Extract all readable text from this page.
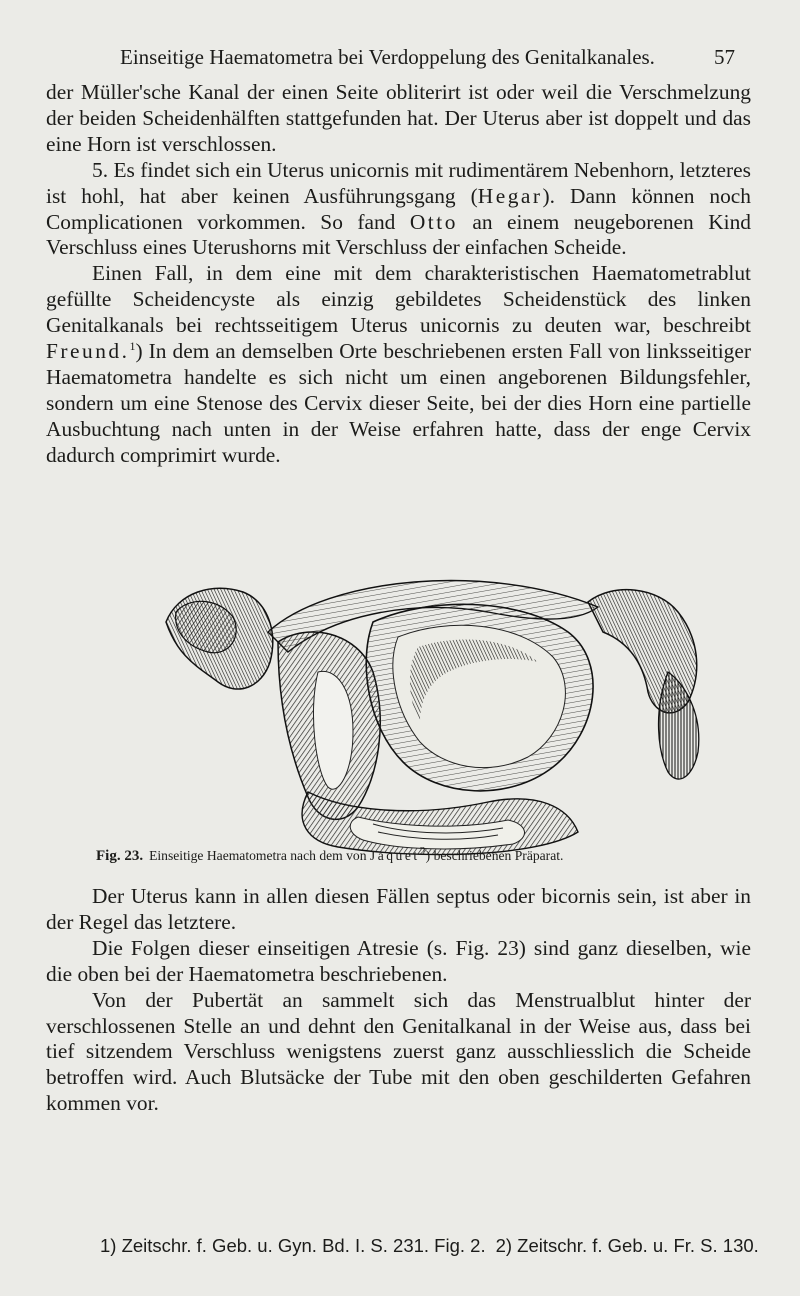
Einseitige Haematometra bei Verdoppelung des Genitalkanales.	57

der Müller'sche Kanal der einen Seite obliterirt ist oder weil die Verschmelzung der beiden Scheidenhälften stattgefunden hat. Der Uterus aber ist doppelt und das eine Horn ist verschlossen.

5. Es findet sich ein Uterus unicornis mit rudimentärem Nebenhorn, letzteres ist hohl, hat aber keinen Ausführungsgang (Hegar). Dann können noch Complicationen vorkommen. So fand Otto an einem neugeborenen Kind Verschluss eines Uterushorns mit Verschluss der einfachen Scheide.

Einen Fall, in dem eine mit dem charakteristischen Haematometrablut gefüllte Scheidencyste als einzig gebildetes Scheidenstück des linken Genitalkanals bei rechtsseitigem Uterus unicornis zu deuten war, beschreibt Freund.$^1$) In dem an demselben Orte beschriebenen ersten Fall von linksseitiger Haematometra handelte es sich nicht um einen angeborenen Bildungsfehler, sondern um eine Stenose des Cervix dieser Seite, bei der dies Horn eine partielle Ausbuchtung nach unten in der Weise erfahren hatte, dass der enge Cervix dadurch comprimirt wurde.

Fig. 23. Einseitige Haematometra nach dem von Jaquet$^2$) beschriebenen Präparat.

Der Uterus kann in allen diesen Fällen septus oder bicornis sein, ist aber in der Regel das letztere.

Die Folgen dieser einseitigen Atresie (s. Fig. 23) sind ganz dieselben, wie die oben bei der Haematometra beschriebenen.

Von der Pubertät an sammelt sich das Menstrualblut hinter der verschlossenen Stelle an und dehnt den Genitalkanal in der Weise aus, dass bei tief sitzendem Verschluss wenigstens zuerst ganz ausschliesslich die Scheide betroffen wird. Auch Blutsäcke der Tube mit den oben geschilderten Gefahren kommen vor.

1) Zeitschr. f. Geb. u. Gyn. Bd. I. S. 231. Fig. 2. 2) Zeitschr. f. Geb. u. Fr. S. 130.
